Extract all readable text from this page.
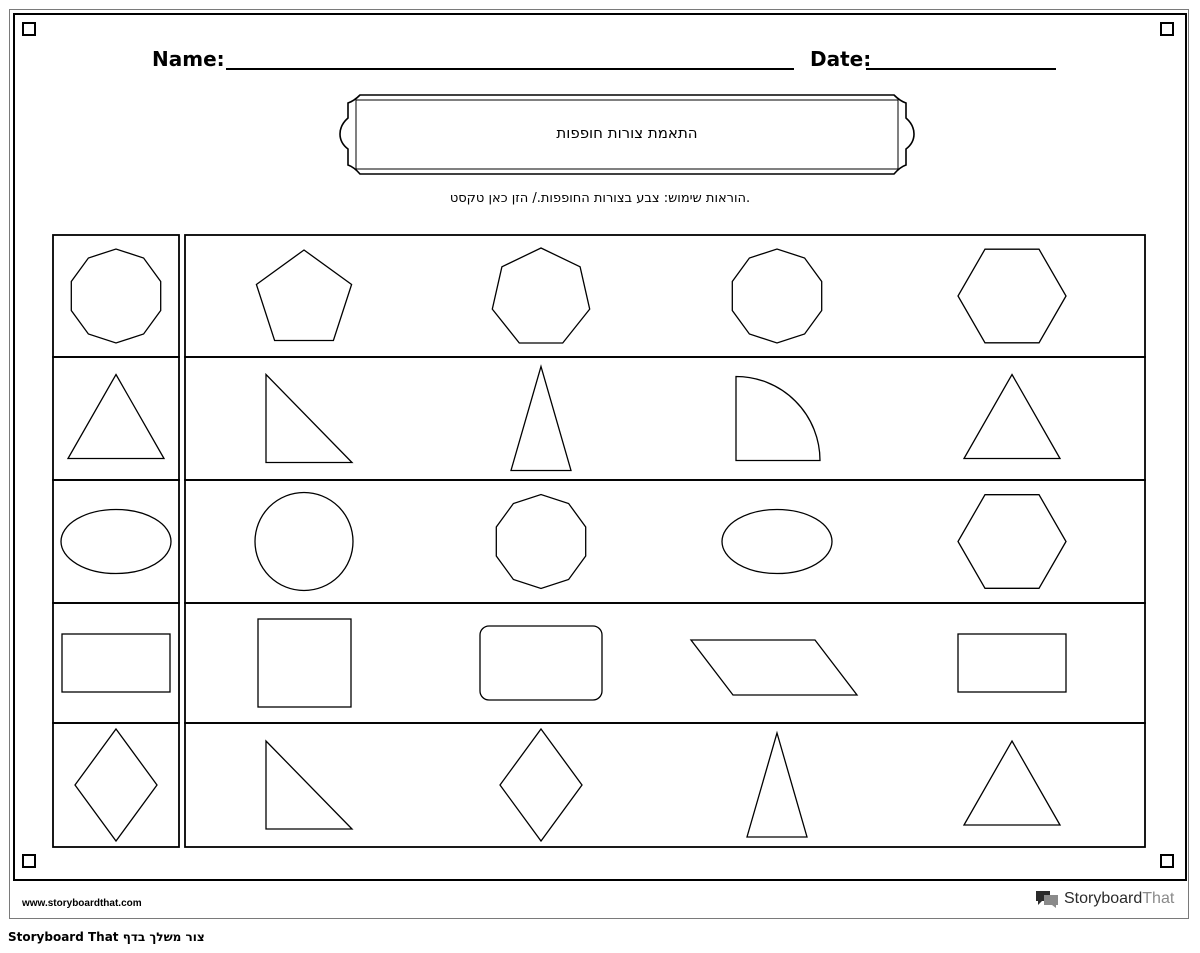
Name:	Date:
התאמת צורות חופפות
.הוראות שימוש: צבע בצורות החופפות./ הזן כאן טקסט
www.storyboardthat.com	Storyboard That
צור משלך בדף Storyboard That
